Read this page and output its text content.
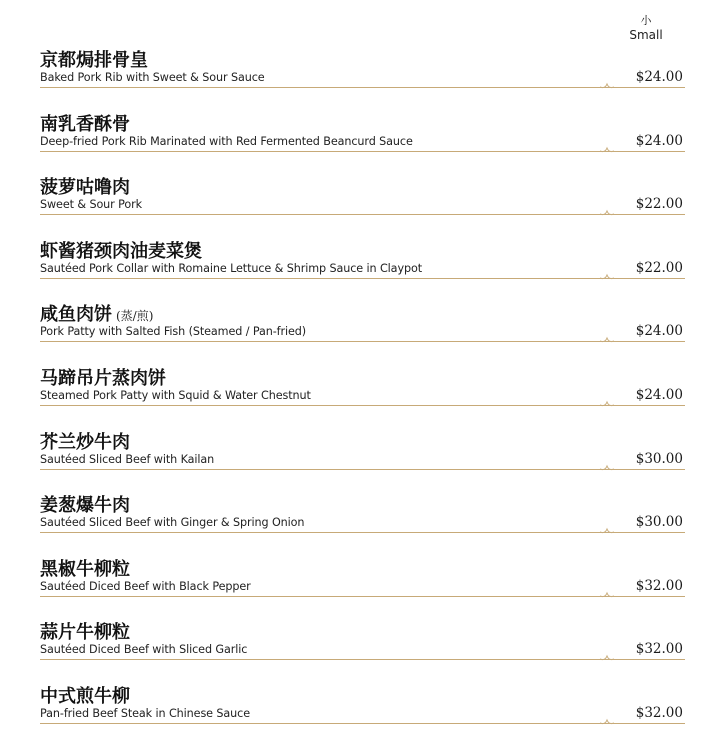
小
Small
京都焗排骨皇
Baked Pork Rib with Sweet & Sour Sauce	$24.00
南乳香酥骨
Deep-fried Pork Rib Marinated with Red Fermented Beancurd Sauce	$24.00
菠萝咕噜肉
Sweet & Sour Pork	$22.00
虾酱猪颈肉油麦菜煲
Sautéed Pork Collar with Romaine Lettuce & Shrimp Sauce in Claypot	$22.00
咸鱼肉饼 (蒸/煎)
Pork Patty with Salted Fish (Steamed / Pan-fried)	$24.00
马蹄吊片蒸肉饼
Steamed Pork Patty with Squid & Water Chestnut	$24.00
芥兰炒牛肉
Sautéed Sliced Beef with Kailan	$30.00
姜葱爆牛肉
Sautéed Sliced Beef with Ginger & Spring Onion	$30.00
黑椒牛柳粒
Sautéed Diced Beef with Black Pepper	$32.00
蒜片牛柳粒
Sautéed Diced Beef with Sliced Garlic	$32.00
中式煎牛柳
Pan-fried Beef Steak in Chinese Sauce	$32.00
